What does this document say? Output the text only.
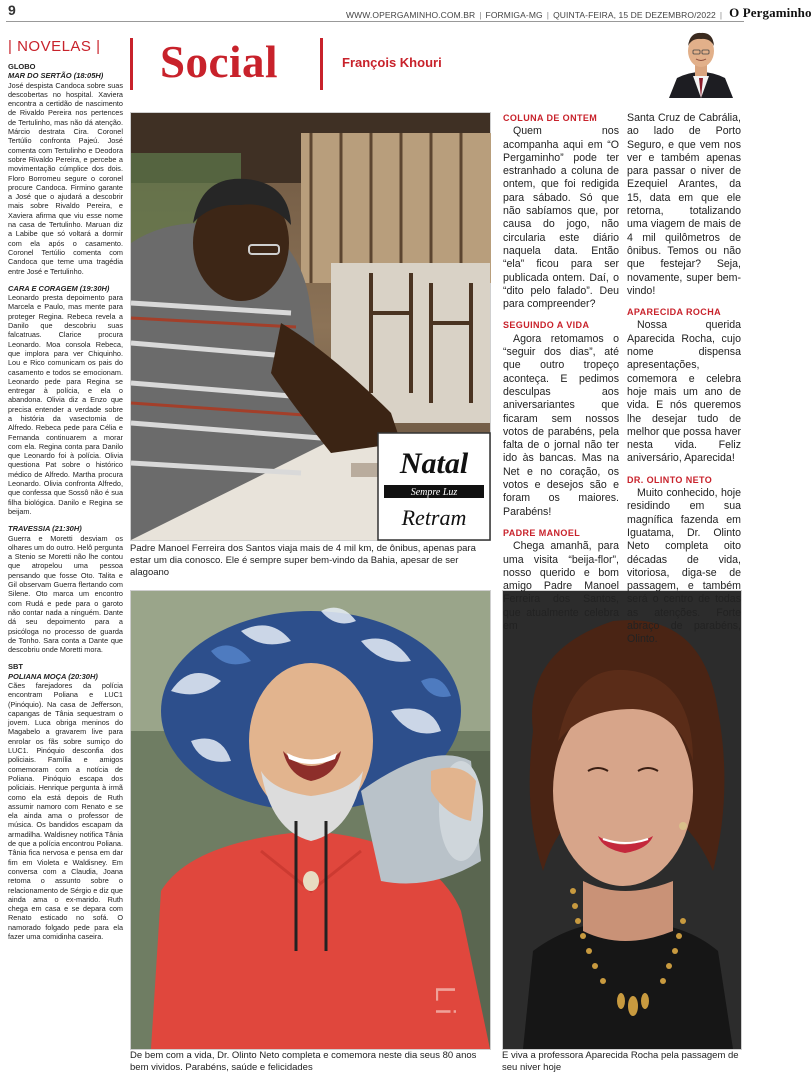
9	WWW.OPERGAMINHO.COM.BR | FORMIGA-MG | QUINTA-FEIRA, 15 DE DEZEMBRO/2022 | O Pergaminho
| NOVELAS | Social	François Khouri
GLOBO
MAR DO SERTÃO (18:05H)

José despista Candoca sobre suas descobertas no hospital. Xaviera encontra a certidão de nascimento de Rivaldo Pereira nos pertences de Tertulinho, mas não dá atenção. Márcio destrata Cira. Coronel Tertúlio confronta Pajeú. José comenta com Tertulinho e Deodora sobre Rivaldo Pereira, e percebe a movimentação cúmplice dos dois. Floro Borromeu segure o coronel procure Candoca. Firmino garante a José que o ajudará a descobrir mais sobre Rivaldo Pereira, e Xaviera afirma que viu esse nome na casa de Tertulinho. Maruan diz a Labibe que só voltará a dormir com ela após o casamento. Coronel Tertúlio comenta com Candoca que teme uma tragédia entre José e Tertulinho.

CARA E CORAGEM (19:30H)

Leonardo presta depoimento para Marcela e Paulo, mas mente para proteger Regina. Rebeca revela a Danilo que descobriu suas falcatruas. Clarice procura Leonardo. Moa consola Rebeca, que implora para ver Chiquinho. Lou e Rico comunicam os pais do casamento e todos se emocionam. Leonardo pede para Regina se entregar à polícia, e ela o abandona. Olivia diz a Enzo que precisa entender a verdade sobre a história da vasectomia de Alfredo. Rebeca pede para Célia e Fernanda continuarem a morar com ela. Regina conta para Danilo que Leonardo foi à polícia. Olivia questiona Pat sobre o histórico médico de Alfredo. Martha procura Leonardo. Olivia confronta Alfredo, que confessa que Sossô não é sua filha biológica. Danilo e Regina se beijam.

TRAVESSIA (21:30H)

Guerra e Moretti desviam os olhares um do outro. Helô pergunta a Stenio se Moretti não lhe contou que atropelou uma pessoa pensando que fosse Oto. Talita e Gil observam Guerra flertando com Silene. Oto marca um encontro com Rudá e pede para o garoto não contar nada a ninguém. Dante dá seu depoimento para a psicóloga no processo de guarda de Tonho. Sara conta a Dante que descobriu onde Moretti mora.

SBT
POLIANA MOÇA (20:30H)

Cães farejadores da polícia encontram Poliana e LUC1 (Pinóquio). Na casa de Jefferson, capangas de Tânia sequestram o jovem. Luca obriga meninos do Magabelo a gravarem live para enrolar os fãs sobre sumiço do LUC1. Pinóquio desconfia dos policiais. Família e amigos comemoram com a notícia de Poliana. Pinóquio escapa dos policiais. Henrique pergunta à irmã como ela está depois de Ruth assumir namoro com Renato e se ela ainda ama o professor de música. Os bandidos escapam da armadilha. Waldisney notifica Tânia de que a polícia encontrou Poliana. Tânia fica nervosa e pensa em dar fim em Violeta e Waldisney. Em conversa com a Claudia, Joana retoma o assunto sobre o relacionamento de Sérgio e diz que ainda ama o ex-marido. Ruth chega em casa e se depara com Renato esticado no sofá. O namorado folgado pede para ela fazer uma comidinha caseira.

Natal
Sempre Luz
Retram
Padre Manoel Ferreira dos Santos viaja mais de 4 mil km, de ônibus, apenas para estar um dia conosco. Ele é sempre super bem-vindo da Bahia, apesar de ser alagoano
L i
De bem com a vida, Dr. Olinto Neto completa e comemora neste dia seus 80 anos bem vividos. Parabéns, saúde e felicidades
E viva a professora Aparecida Rocha pela passagem de seu niver hoje
COLUNA DE ONTEM

Quem nos acompanha aqui em “O Pergaminho” pode ter estranhado a coluna de ontem, que foi redigida para sábado. Só que não sabíamos que, por causa do jogo, não circularia este diário naquela data. Então “ela” ficou para ser publicada ontem. Daí, o “dito pelo falado”. Deu para compreender?

SEGUINDO A VIDA

Agora retomamos o “seguir dos dias”, até que outro tropeço aconteça. E pedimos desculpas aos aniversariantes que ficaram sem nossos votos de parabéns, pela falta de o jornal não ter ido às bancas. Mas na Net e no coração, os votos e desejos são e foram os maiores. Parabéns!

PADRE MANOEL

Chega amanhã, para uma visita “beija-flor”, nosso querido e bom amigo Padre Manoel Ferreira dos Santos, que atualmente celebra em

Santa Cruz de Cabrália, ao lado de Porto Seguro, e que vem nos ver e também apenas para passar o niver de Ezequiel Arantes, da 15, data em que ele retorna, totalizando uma viagem de mais de 4 mil quilômetros de ônibus. Temos ou não que festejar? Seja, novamente, super bem-vindo!

APARECIDA ROCHA

Nossa querida Aparecida Rocha, cujo nome dispensa apresentações, comemora e celebra hoje mais um ano de vida. E nós queremos lhe desejar tudo de melhor que possa haver nesta vida. Feliz aniversário, Aparecida!

DR. OLINTO NETO

Muito conhecido, hoje residindo em sua magnífica fazenda em Iguatama, Dr. Olinto Neto completa oito décadas de vida, vitoriosa, diga-se de passagem, e também será o centro de todas as atenções. Forte abraço de parabéns, Olinto.
